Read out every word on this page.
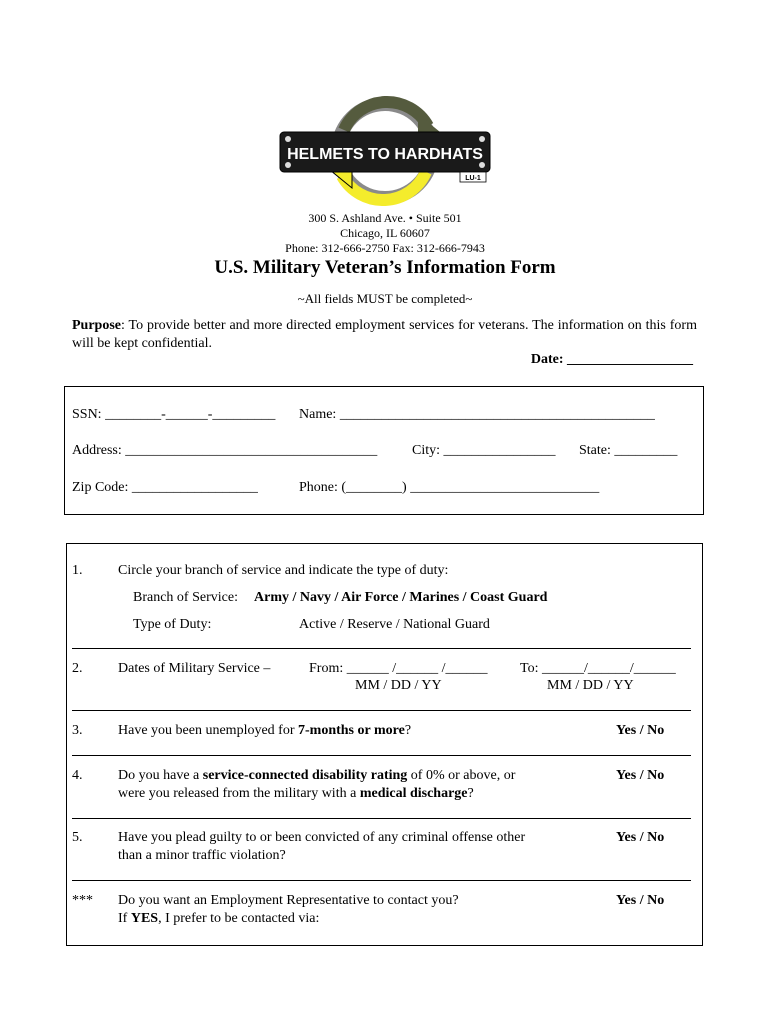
HELMETS TO HARDHATS
LU-1
300 S. Ashland Ave. • Suite 501
Chicago, IL 60607
Phone: 312-666-2750 Fax: 312-666-7943
U.S. Military Veteran’s Information Form
~All fields MUST be completed~
Purpose: To provide better and more directed employment services for veterans. The information on this form will be kept confidential.
Date: __________________
SSN: ________-______-_________ Name: _____________________________________________
Address: ____________________________________ City: ________________ State: _________
Zip Code: __________________	Phone: (________) ___________________________
1.	Circle your branch of service and indicate the type of duty:
Branch of Service: Army / Navy / Air Force / Marines / Coast Guard
Type of Duty:	Active / Reserve / National Guard
2.	Dates of Military Service –	From: ______ /______ /______
MM / DD / YY
To: ______/______/______
MM / DD / YY
3.	Have you been unemployed for 7-months or more?	Yes / No
4.	Do you have a service-connected disability rating of 0% or above, or
were you released from the military with a medical discharge?
Yes / No
5.	Have you plead guilty to or been convicted of any criminal offense other
than a minor traffic violation?
Yes / No
*** Do you want an Employment Representative to contact you?
If YES, I prefer to be contacted via:
Yes / No
